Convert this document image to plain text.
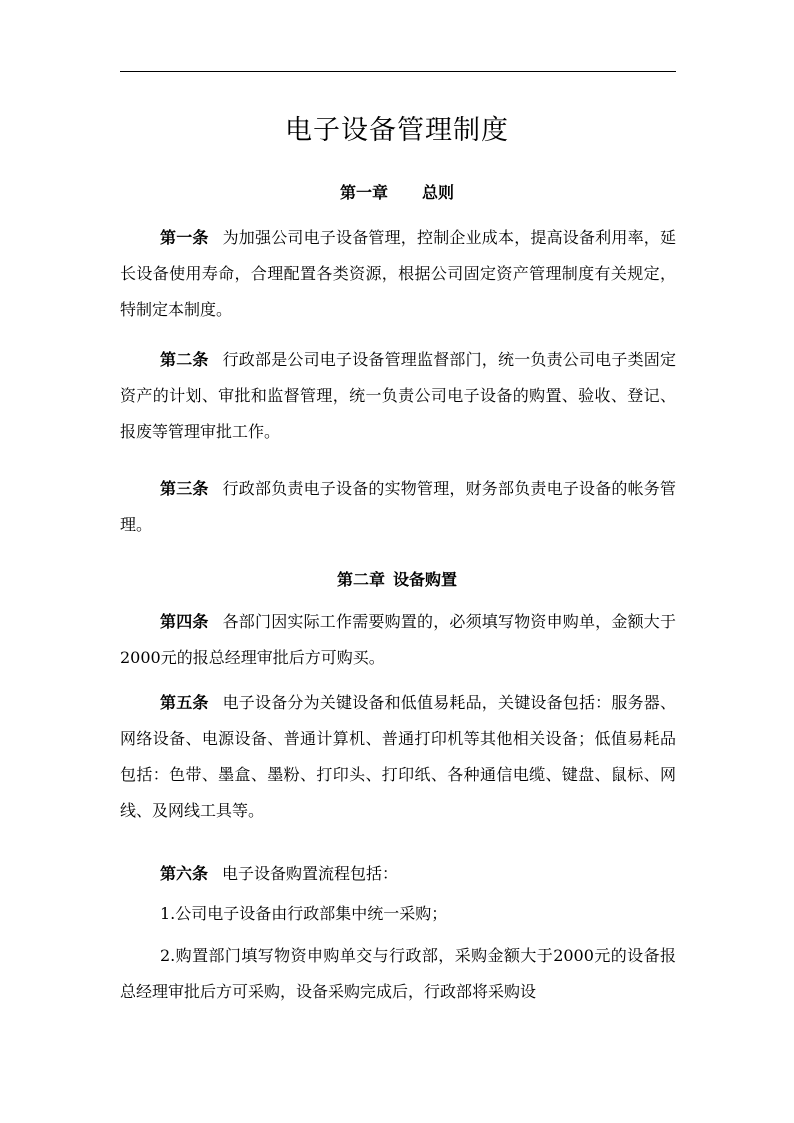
电子设备管理制度
第一章 总则

第一条 为加强公司电子设备管理，控制企业成本，提高设备利用率，延长设备使用寿命，合理配置各类资源，根据公司固定资产管理制度有关规定，特制定本制度。

第二条 行政部是公司电子设备管理监督部门，统一负责公司电子类固定资产的计划、审批和监督管理，统一负责公司电子设备的购置、验收、登记、报废等管理审批工作。

第三条 行政部负责电子设备的实物管理，财务部负责电子设备的帐务管理。

第二章 设备购置

第四条 各部门因实际工作需要购置的，必须填写物资申购单，金额大于2000元的报总经理审批后方可购买。

第五条 电子设备分为关键设备和低值易耗品，关键设备包括：服务器、网络设备、电源设备、普通计算机、普通打印机等其他相关设备；低值易耗品包括：色带、墨盒、墨粉、打印头、打印纸、各种通信电缆、键盘、鼠标、网线、及网线工具等。

第六条 电子设备购置流程包括：

1.公司电子设备由行政部集中统一采购；

2.购置部门填写物资申购单交与行政部，采购金额大于2000元的设备报总经理审批后方可采购，设备采购完成后，行政部将采购设
